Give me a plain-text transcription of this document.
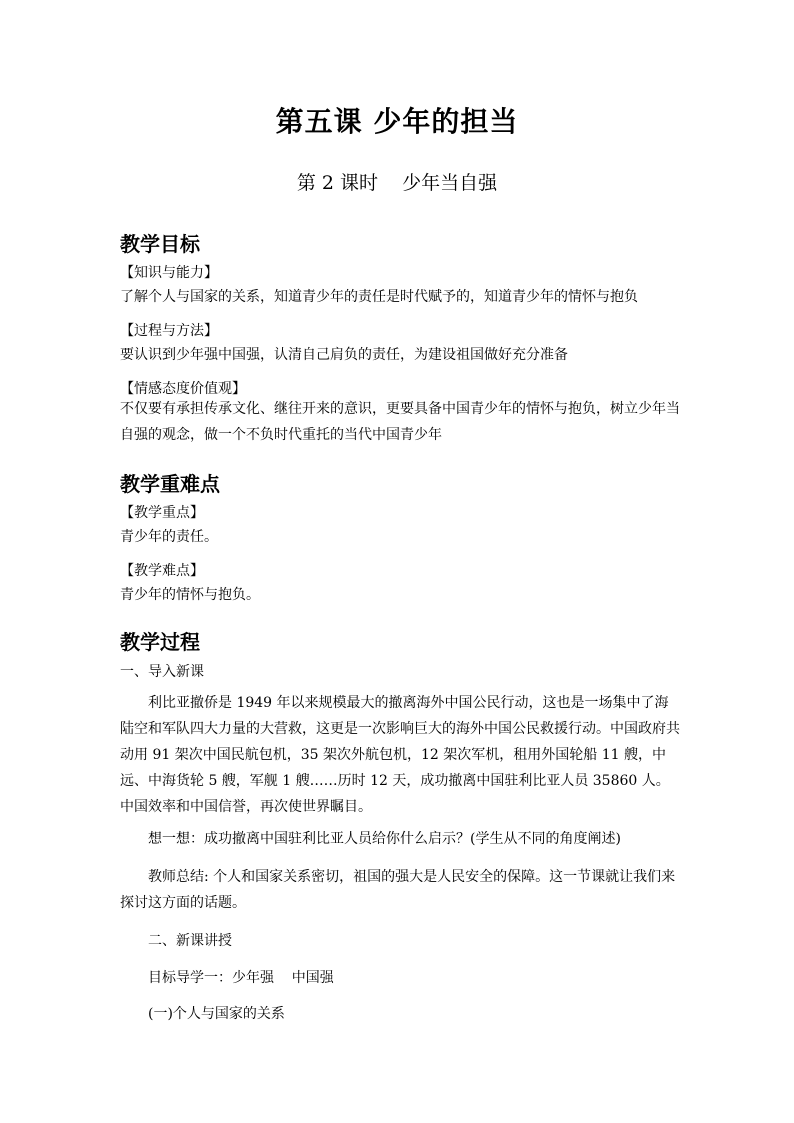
第五课 少年的担当
第 2 课时    少年当自强
教学目标
【知识与能力】
了解个人与国家的关系，知道青少年的责任是时代赋予的，知道青少年的情怀与抱负
【过程与方法】
要认识到少年强中国强，认清自己肩负的责任，为建设祖国做好充分准备
【情感态度价值观】
不仅要有承担传承文化、继往开来的意识，更要具备中国青少年的情怀与抱负，树立少年当自强的观念，做一个不负时代重托的当代中国青少年
教学重难点
【教学重点】
青少年的责任。
【教学难点】
青少年的情怀与抱负。
教学过程
一、导入新课
利比亚撤侨是 1949 年以来规模最大的撤离海外中国公民行动，这也是一场集中了海陆空和军队四大力量的大营救，这更是一次影响巨大的海外中国公民救援行动。中国政府共动用 91 架次中国民航包机，35 架次外航包机，12 架次军机，租用外国轮船 11 艘，中远、中海货轮 5 艘，军舰 1 艘……历时 12 天，成功撤离中国驻利比亚人员 35860 人。中国效率和中国信誉，再次使世界瞩目。
想一想：成功撤离中国驻利比亚人员给你什么启示？(学生从不同的角度阐述)
教师总结: 个人和国家关系密切，祖国的强大是人民安全的保障。这一节课就让我们来探讨这方面的话题。
二、新课讲授
目标导学一：少年强    中国强
(一)个人与国家的关系
